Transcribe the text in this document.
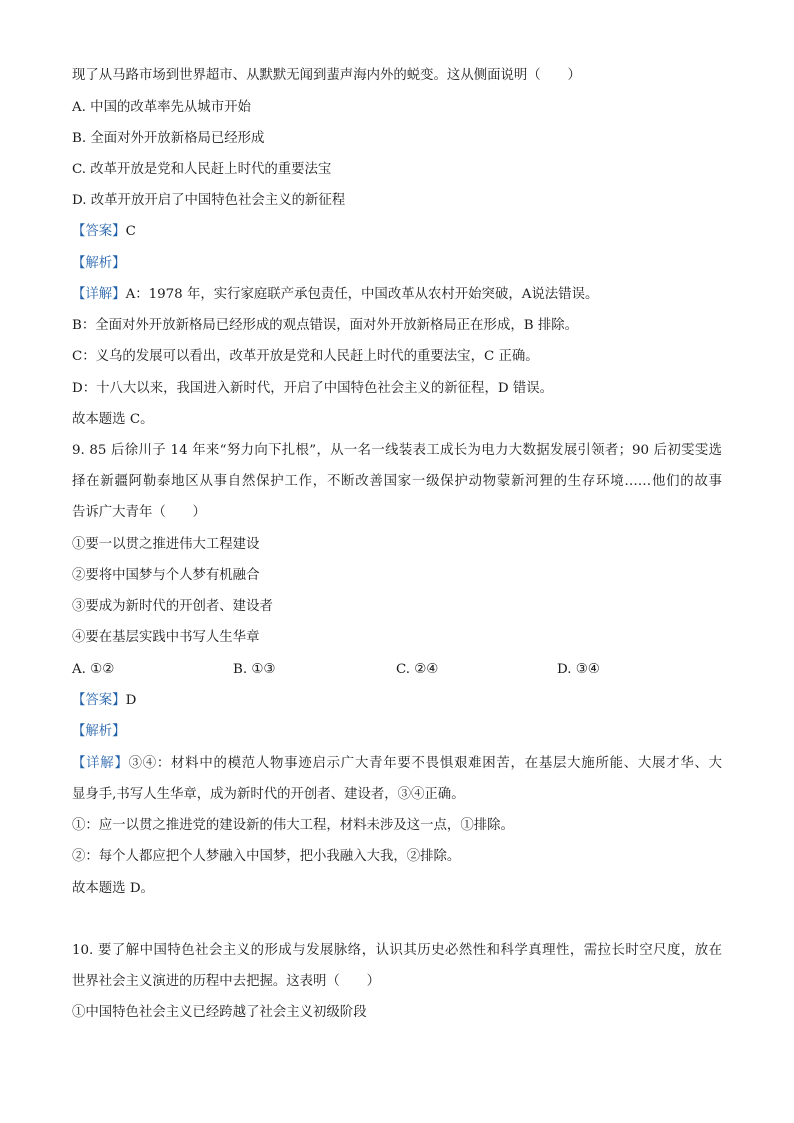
现了从马路市场到世界超市、从默默无闻到蜚声海内外的蜕变。这从侧面说明（　　）
A. 中国的改革率先从城市开始
B. 全面对外开放新格局已经形成
C. 改革开放是党和人民赶上时代的重要法宝
D. 改革开放开启了中国特色社会主义的新征程
【答案】C
【解析】
【详解】A：1978 年，实行家庭联产承包责任，中国改革从农村开始突破，A说法错误。
B：全面对外开放新格局已经形成的观点错误，面对外开放新格局正在形成，B 排除。
C：义乌的发展可以看出，改革开放是党和人民赶上时代的重要法宝，C 正确。
D：十八大以来，我国进入新时代，开启了中国特色社会主义的新征程，D 错误。
故本题选 C。
9. 85 后徐川子 14 年来“努力向下扎根”，从一名一线装表工成长为电力大数据发展引领者；90 后初雯雯选
择在新疆阿勒泰地区从事自然保护工作，不断改善国家一级保护动物蒙新河狸的生存环境……他们的故事
告诉广大青年（　　）
①要一以贯之推进伟大工程建设
②要将中国梦与个人梦有机融合
③要成为新时代的开创者、建设者
④要在基层实践中书写人生华章
A. ①②	B. ①③	C. ②④	D. ③④
【答案】D
【解析】
【详解】③④：材料中的模范人物事迹启示广大青年要不畏惧艰难困苦，在基层大施所能、大展才华、大
显身手,书写人生华章，成为新时代的开创者、建设者，③④正确。
①：应一以贯之推进党的建设新的伟大工程，材料未涉及这一点，①排除。
②：每个人都应把个人梦融入中国梦，把小我融入大我，②排除。
故本题选 D。
10. 要了解中国特色社会主义的形成与发展脉络，认识其历史必然性和科学真理性，需拉长时空尺度，放在
世界社会主义演进的历程中去把握。这表明（　　）
①中国特色社会主义已经跨越了社会主义初级阶段
